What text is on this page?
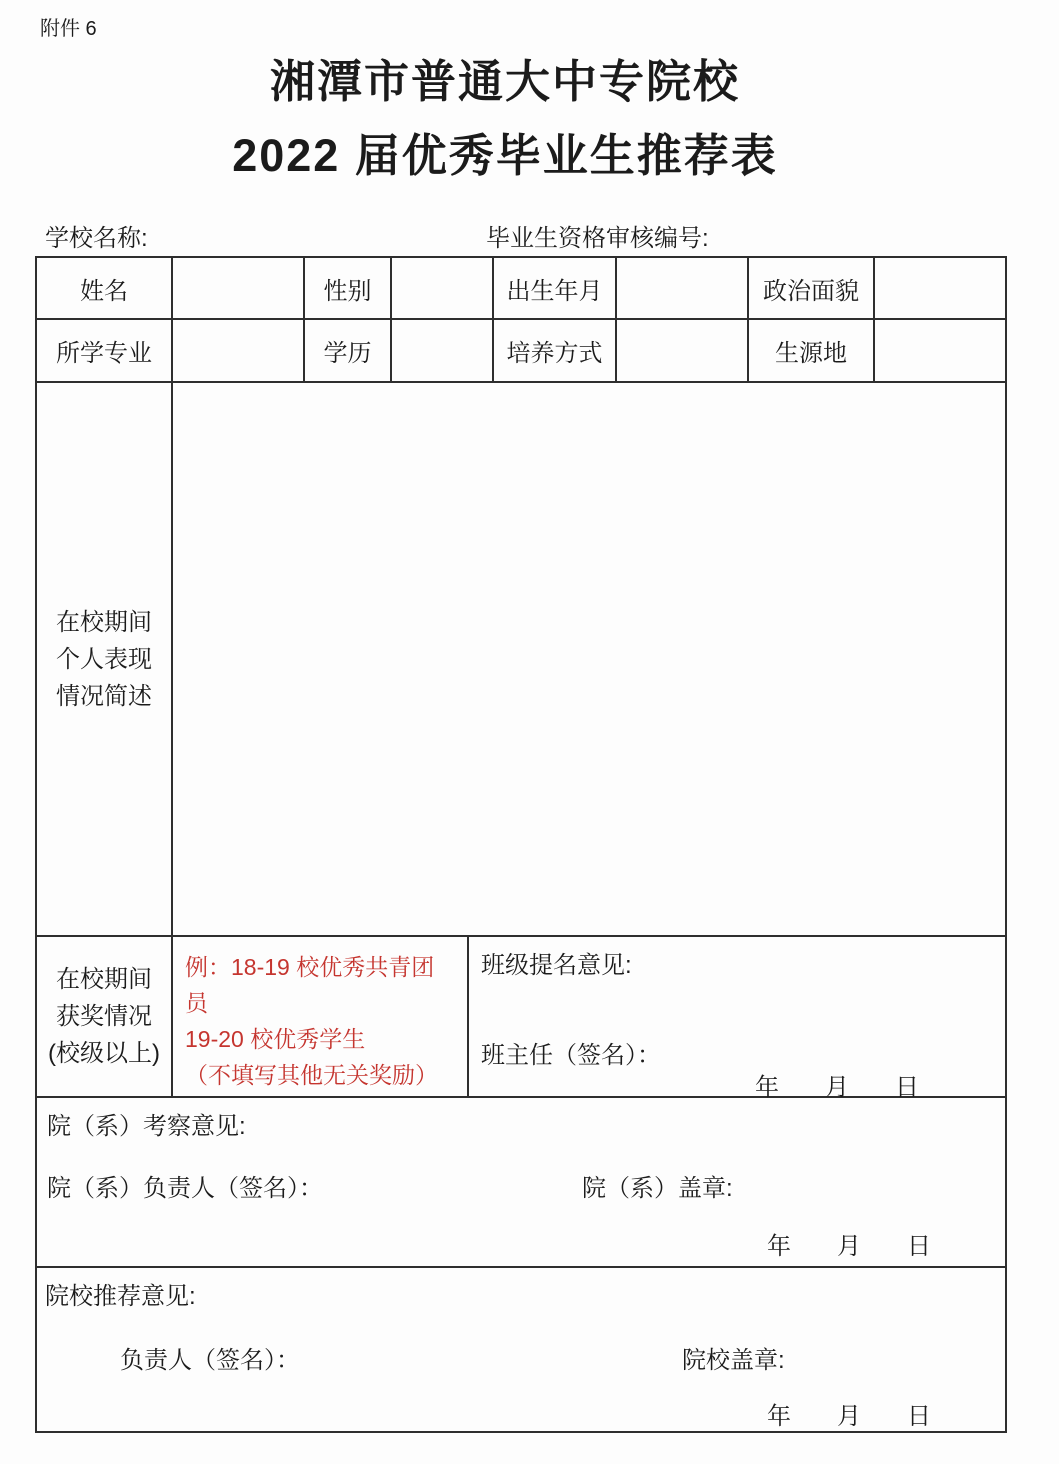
附件 6
湘潭市普通大中专院校
2022 届优秀毕业生推荐表
学校名称:	毕业生资格审核编号:
姓名	性别	出生年月	政治面貌
所学专业	学历	培养方式	生源地
在校期间
个人表现
情况简述
在校期间
获奖情况
(校级以上)
例：18-19 校优秀共青团
员
19-20 校优秀学生
（不填写其他无关奖励）
班级提名意见:
班主任（签名）：
年 月 日
院（系）考察意见:
院（系）负责人（签名）：	院（系）盖章:
年 月 日
院校推荐意见:
负责人（签名）：	院校盖章:
年 月 日
